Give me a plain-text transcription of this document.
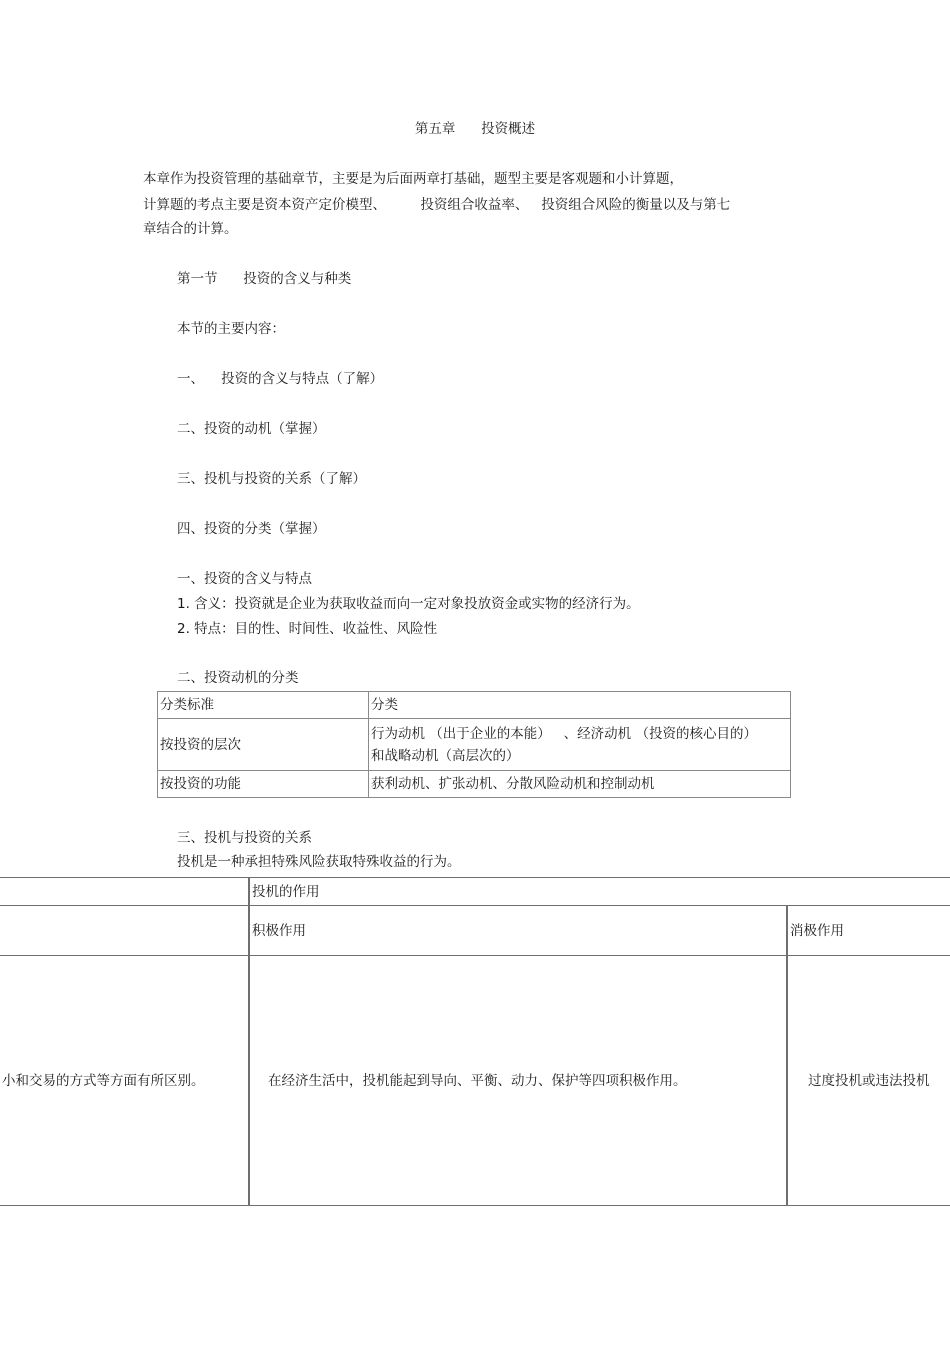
第五章      投资概述
本章作为投资管理的基础章节，主要是为后面两章打基础，题型主要是客观题和小计算题，
计算题的考点主要是资本资产定价模型、        投资组合收益率、   投资组合风险的衡量以及与第七
章结合的计算。
第一节      投资的含义与种类
本节的主要内容：
一、    投资的含义与特点（了解）
二、投资的动机（掌握）
三、投机与投资的关系（了解）
四、投资的分类（掌握）
一、投资的含义与特点
1. 含义：投资就是企业为获取收益而向一定对象投放资金或实物的经济行为。
2. 特点：目的性、时间性、收益性、风险性
二、投资动机的分类
分类标准	分类
按投资的层次	行为动机 （出于企业的本能）   、经济动机 （投资的核心目的）
和战略动机（高层次的）

按投资的功能	获利动机、扩张动机、分散风险动机和控制动机
三、投机与投资的关系
投机是一种承担特殊风险获取特殊收益的行为。
	投机的作用	
	积极作用	消极作用
小和交易的方式等方面有所区别。	在经济生活中，投机能起到导向、平衡、动力、保护等四项积极作用。	过度投机或违法投机
